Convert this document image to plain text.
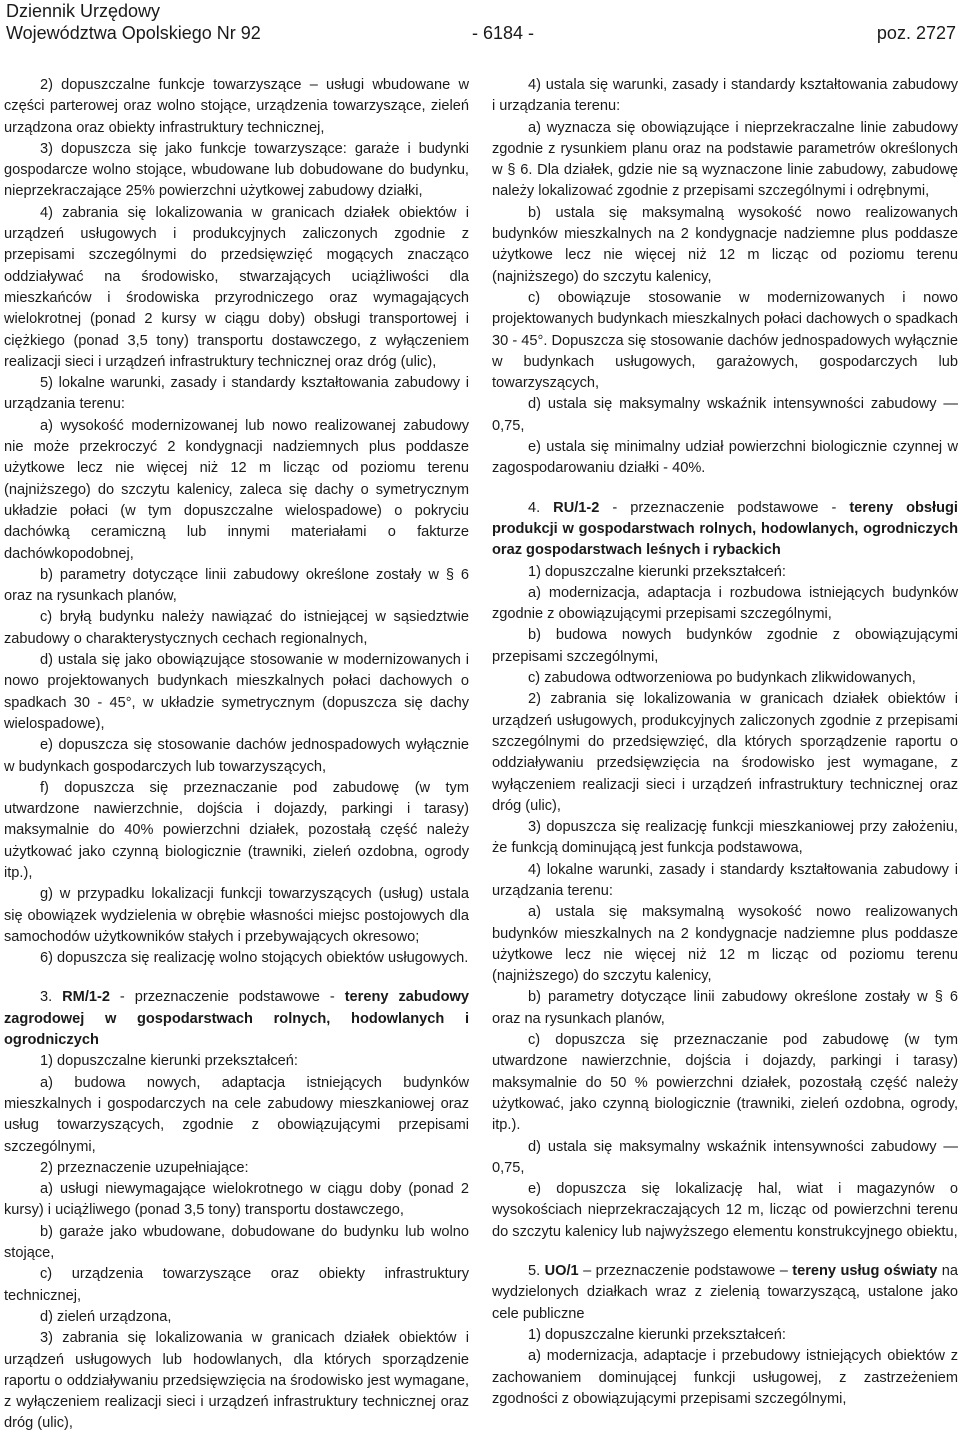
Dziennik Urzędowy
Województwa Opolskiego Nr 92	- 6184 -	poz. 2727

2) dopuszczalne funkcje towarzyszące – usługi wbudowane w części parterowej oraz wolno stojące, urządzenia towarzyszące, zieleń urządzona oraz obiekty infrastruktury technicznej,

3) dopuszcza się jako funkcje towarzyszące: garaże i budynki gospodarcze wolno stojące, wbudowane lub dobudowane do budynku, nieprzekraczające 25% powierzchni użytkowej zabudowy działki,

4) zabrania się lokalizowania w granicach działek obiektów i urządzeń usługowych i produkcyjnych zaliczonych zgodnie z przepisami szczególnymi do przedsięwzięć mogących znacząco oddziaływać na środowisko, stwarzających uciążliwości dla mieszkańców i środowiska przyrodniczego oraz wymagających wielokrotnej (ponad 2 kursy w ciągu doby) obsługi transportowej i ciężkiego (ponad 3,5 tony) transportu dostawczego, z wyłączeniem realizacji sieci i urządzeń infrastruktury technicznej oraz dróg (ulic),

5) lokalne warunki, zasady i standardy kształtowania zabudowy i urządzania terenu:

a) wysokość modernizowanej lub nowo realizowanej zabudowy nie może przekroczyć 2 kondygnacji nadziemnych plus poddasze użytkowe lecz nie więcej niż 12 m licząc od poziomu terenu (najniższego) do szczytu kalenicy, zaleca się dachy o symetrycznym układzie połaci (w tym dopuszczalne wielospadowe) o pokryciu dachówką ceramiczną lub innymi materiałami o fakturze dachówkopodobnej,

b) parametry dotyczące linii zabudowy określone zostały w § 6 oraz na rysunkach planów,

c) bryłą budynku należy nawiązać do istniejącej w sąsiedztwie zabudowy o charakterystycznych cechach regionalnych,

d) ustala się jako obowiązujące stosowanie w modernizowanych i nowo projektowanych budynkach mieszkalnych połaci dachowych o spadkach 30 - 45°, w układzie symetrycznym (dopuszcza się dachy wielospadowe),

e) dopuszcza się stosowanie dachów jednospadowych wyłącznie w budynkach gospodarczych lub towarzyszących,

f) dopuszcza się przeznaczanie pod zabudowę (w tym utwardzone nawierzchnie, dojścia i dojazdy, parkingi i tarasy) maksymalnie do 40% powierzchni działek, pozostałą część należy użytkować jako czynną biologicznie (trawniki, zieleń ozdobna, ogrody itp.),

g) w przypadku lokalizacji funkcji towarzyszących (usług) ustala się obowiązek wydzielenia w obrębie własności miejsc postojowych dla samochodów użytkowników stałych i przebywających okresowo;

6) dopuszcza się realizację wolno stojących obiektów usługowych.

3. RM/1-2 - przeznaczenie podstawowe - tereny zabudowy zagrodowej w gospodarstwach rolnych, hodowlanych i ogrodniczych

1) dopuszczalne kierunki przekształceń:

a) budowa nowych, adaptacja istniejących budynków mieszkalnych i gospodarczych na cele zabudowy mieszkaniowej oraz usług towarzyszących, zgodnie z obowiązującymi przepisami szczególnymi,

2) przeznaczenie uzupełniające:

a) usługi niewymagające wielokrotnego w ciągu doby (ponad 2 kursy) i uciążliwego (ponad 3,5 tony) transportu dostawczego,

b) garaże jako wbudowane, dobudowane do budynku lub wolno stojące,

c) urządzenia towarzyszące oraz obiekty infrastruktury technicznej,

d) zieleń urządzona,

3) zabrania się lokalizowania w granicach działek obiektów i urządzeń usługowych lub hodowlanych, dla których sporządzenie raportu o oddziaływaniu przedsięwzięcia na środowisko jest wymagane, z wyłączeniem realizacji sieci i urządzeń infrastruktury technicznej oraz dróg (ulic),

4) ustala się warunki, zasady i standardy kształtowania zabudowy i urządzania terenu:

a) wyznacza się obowiązujące i nieprzekraczalne linie zabudowy zgodnie z rysunkiem planu oraz na podstawie parametrów określonych w § 6. Dla działek, gdzie nie są wyznaczone linie zabudowy, zabudowę należy lokalizować zgodnie z przepisami szczególnymi i odrębnymi,

b) ustala się maksymalną wysokość nowo realizowanych budynków mieszkalnych na 2 kondygnacje nadziemne plus poddasze użytkowe lecz nie więcej niż 12 m licząc od poziomu terenu (najniższego) do szczytu kalenicy,

c) obowiązuje stosowanie w modernizowanych i nowo projektowanych budynkach mieszkalnych połaci dachowych o spadkach 30 - 45°. Dopuszcza się stosowanie dachów jednospadowych wyłącznie w budynkach usługowych, garażowych, gospodarczych lub towarzyszących,

d) ustala się maksymalny wskaźnik intensywności zabudowy — 0,75,

e) ustala się minimalny udział powierzchni biologicznie czynnej w zagospodarowaniu działki - 40%.

4. RU/1-2 - przeznaczenie podstawowe - tereny obsługi produkcji w gospodarstwach rolnych, hodowlanych, ogrodniczych oraz gospodarstwach leśnych i rybackich

1) dopuszczalne kierunki przekształceń:

a) modernizacja, adaptacja i rozbudowa istniejących budynków zgodnie z obowiązującymi przepisami szczególnymi,

b) budowa nowych budynków zgodnie z obowiązującymi przepisami szczególnymi,

c) zabudowa odtworzeniowa po budynkach zlikwidowanych,

2) zabrania się lokalizowania w granicach działek obiektów i urządzeń usługowych, produkcyjnych zaliczonych zgodnie z przepisami szczególnymi do przedsięwzięć, dla których sporządzenie raportu o oddziaływaniu przedsięwzięcia na środowisko jest wymagane, z wyłączeniem realizacji sieci i urządzeń infrastruktury technicznej oraz dróg (ulic),

3) dopuszcza się realizację funkcji mieszkaniowej przy założeniu, że funkcją dominującą jest funkcja podstawowa,

4) lokalne warunki, zasady i standardy kształtowania zabudowy i urządzania terenu:

a) ustala się maksymalną wysokość nowo realizowanych budynków mieszkalnych na 2 kondygnacje nadziemne plus poddasze użytkowe lecz nie więcej niż 12 m licząc od poziomu terenu (najniższego) do szczytu kalenicy,

b) parametry dotyczące linii zabudowy określone zostały w § 6 oraz na rysunkach planów,

c) dopuszcza się przeznaczanie pod zabudowę (w tym utwardzone nawierzchnie, dojścia i dojazdy, parkingi i tarasy) maksymalnie do 50 % powierzchni działek, pozostałą część należy użytkować, jako czynną biologicznie (trawniki, zieleń ozdobna, ogrody, itp.).

d) ustala się maksymalny wskaźnik intensywności zabudowy — 0,75,

e) dopuszcza się lokalizację hal, wiat i magazynów o wysokościach nieprzekraczających 12 m, licząc od powierzchni terenu do szczytu kalenicy lub najwyższego elementu konstrukcyjnego obiektu,

5. UO/1 – przeznaczenie podstawowe – tereny usług oświaty na wydzielonych działkach wraz z zielenią towarzyszącą, ustalone jako cele publiczne

1) dopuszczalne kierunki przekształceń:

a) modernizacja, adaptacje i przebudowy istniejących obiektów z zachowaniem dominującej funkcji usługowej, z zastrzeżeniem zgodności z obowiązującymi przepisami szczególnymi,
